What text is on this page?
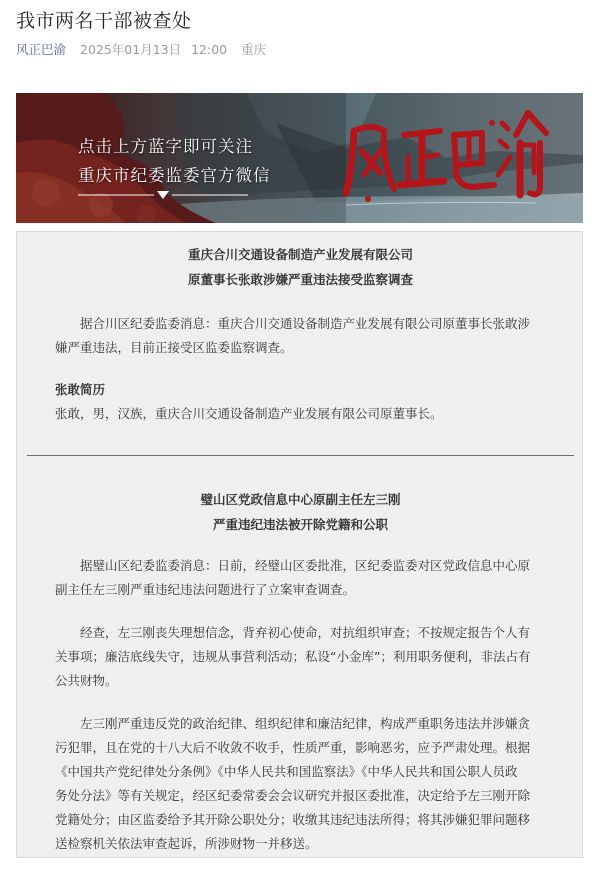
我市两名干部被查处
风正巴渝 2025年01月13日 12:00 重庆
点击上方蓝字即可关注
重庆市纪委监委官方微信
重庆合川交通设备制造产业发展有限公司
原董事长张敢涉嫌严重违法接受监察调查
据合川区纪委监委消息：重庆合川交通设备制造产业发展有限公司原董事长张敢涉
嫌严重违法，目前正接受区监委监察调查。
张敢简历
张敢，男，汉族，重庆合川交通设备制造产业发展有限公司原董事长。
璧山区党政信息中心原副主任左三刚
严重违纪违法被开除党籍和公职
据璧山区纪委监委消息：日前，经璧山区委批准，区纪委监委对区党政信息中心原
副主任左三刚严重违纪违法问题进行了立案审查调查。
经查，左三刚丧失理想信念，背弃初心使命，对抗组织审查；不按规定报告个人有
关事项；廉洁底线失守，违规从事营利活动；私设“小金库”；利用职务便利，非法占有
公共财物。
左三刚严重违反党的政治纪律、组织纪律和廉洁纪律，构成严重职务违法并涉嫌贪
污犯罪，且在党的十八大后不收敛不收手，性质严重，影响恶劣，应予严肃处理。根据
《中国共产党纪律处分条例》《中华人民共和国监察法》《中华人民共和国公职人员政
务处分法》等有关规定，经区纪委常委会会议研究并报区委批准，决定给予左三刚开除
党籍处分；由区监委给予其开除公职处分；收缴其违纪违法所得；将其涉嫌犯罪问题移
送检察机关依法审查起诉，所涉财物一并移送。
